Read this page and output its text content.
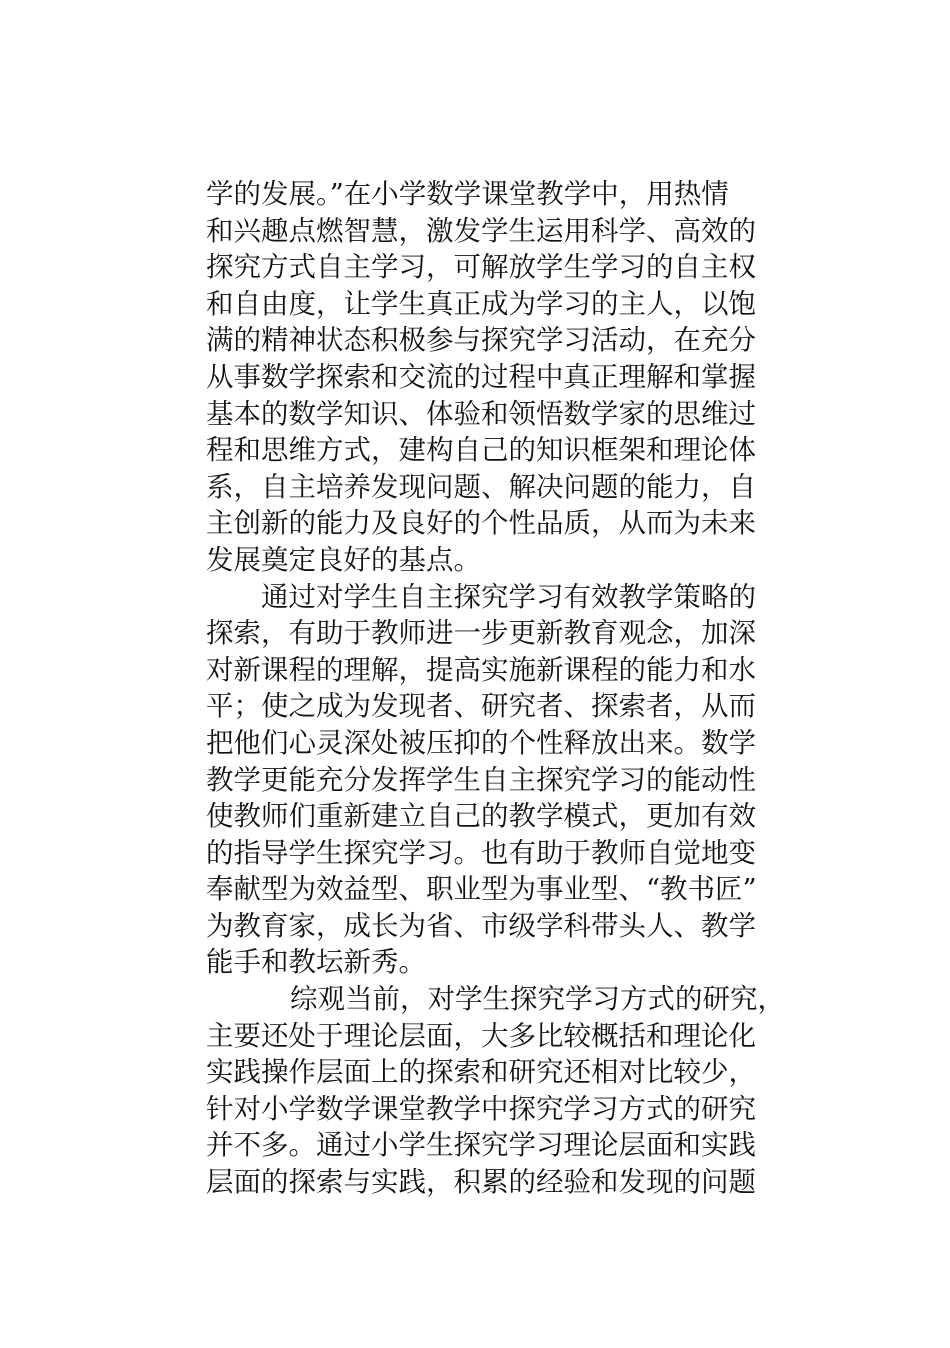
学的发展。”在小学数学课堂教学中，用热情
和兴趣点燃智慧，激发学生运用科学、高效的
探究方式自主学习，可解放学生学习的自主权
和自由度，让学生真正成为学习的主人，以饱
满的精神状态积极参与探究学习活动，在充分
从事数学探索和交流的过程中真正理解和掌握
基本的数学知识、体验和领悟数学家的思维过
程和思维方式，建构自己的知识框架和理论体
系，自主培养发现问题、解决问题的能力，自
主创新的能力及良好的个性品质，从而为未来
发展奠定良好的基点。
通过对学生自主探究学习有效教学策略的
探索，有助于教师进一步更新教育观念，加深
对新课程的理解，提高实施新课程的能力和水
平；使之成为发现者、研究者、探索者，从而
把他们心灵深处被压抑的个性释放出来。数学
教学更能充分发挥学生自主探究学习的能动性
使教师们重新建立自己的教学模式，更加有效
的指导学生探究学习。也有助于教师自觉地变
奉献型为效益型、职业型为事业型、“教书匠”
为教育家，成长为省、市级学科带头人、教学
能手和教坛新秀。
综观当前，对学生探究学习方式的研究，
主要还处于理论层面，大多比较概括和理论化
实践操作层面上的探索和研究还相对比较少，
针对小学数学课堂教学中探究学习方式的研究
并不多。通过小学生探究学习理论层面和实践
层面的探索与实践，积累的经验和发现的问题
